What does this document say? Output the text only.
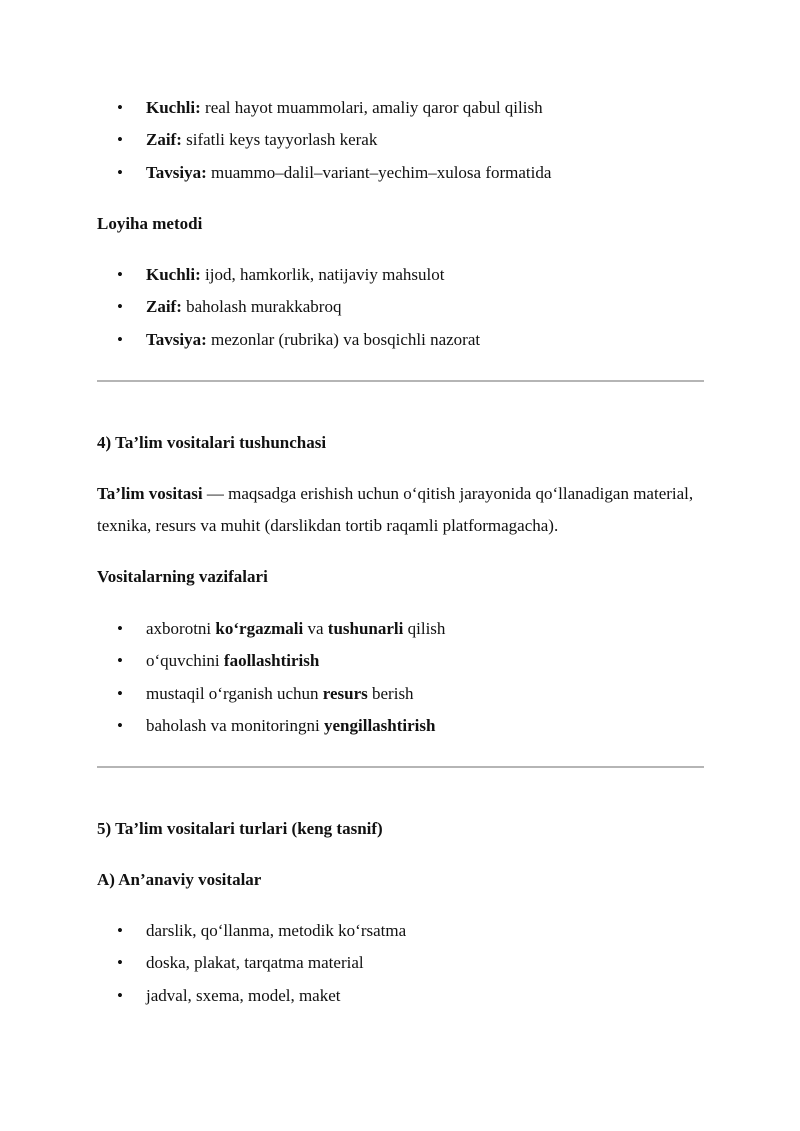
• Kuchli: real hayot muammolari, amaliy qaror qabul qilish
• Zaif: sifatli keys tayyorlash kerak
• Tavsiya: muammo–dalil–variant–yechim–xulosa formatida
Loyiha metodi
• Kuchli: ijod, hamkorlik, natijaviy mahsulot
• Zaif: baholash murakkabroq
• Tavsiya: mezonlar (rubrika) va bosqichli nazorat
4) Ta’lim vositalari tushunchasi
Ta’lim vositasi — maqsadga erishish uchun o‘qitish jarayonida qo‘llanadigan material, texnika, resurs va muhit (darslikdan tortib raqamli platformagacha).
Vositalarning vazifalari
• axborotni ko‘rgazmali va tushunarli qilish
• o‘quvchini faollashtirish
• mustaqil o‘rganish uchun resurs berish
• baholash va monitoringni yengillashtirish
5) Ta’lim vositalari turlari (keng tasnif)
A) An’anaviy vositalar
• darslik, qo‘llanma, metodik ko‘rsatma
• doska, plakat, tarqatma material
• jadval, sxema, model, maket
